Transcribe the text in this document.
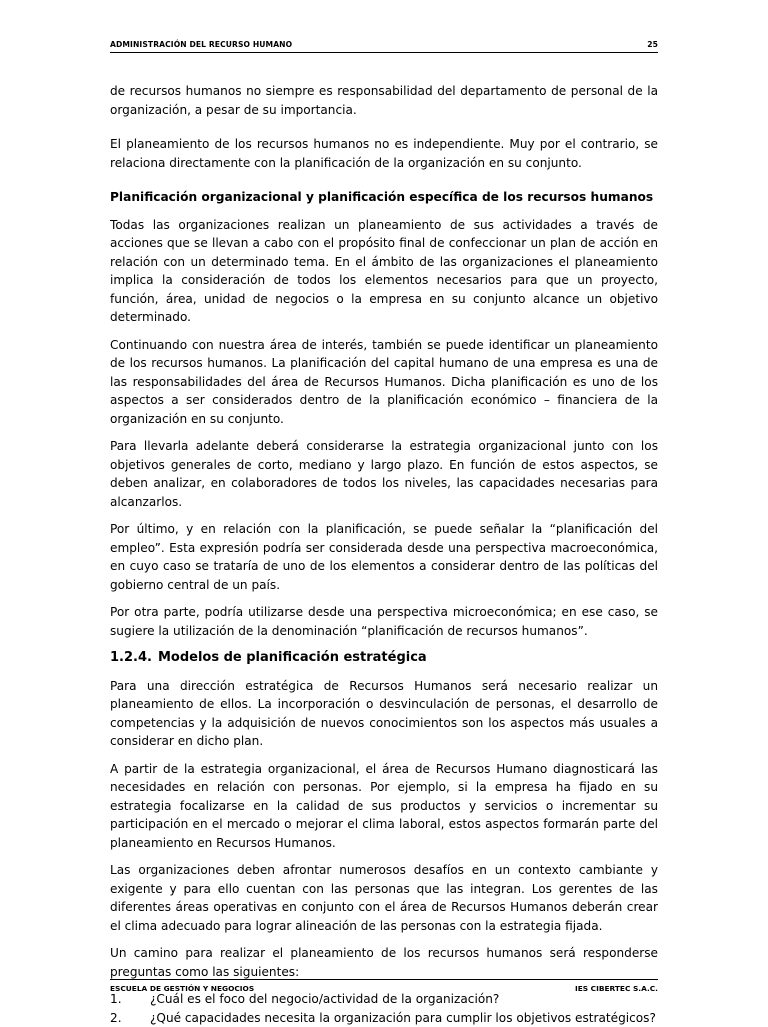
ADMINISTRACIÓN DEL RECURSO HUMANO	25

de recursos humanos no siempre es responsabilidad del departamento de personal de la organización, a pesar de su importancia.

El planeamiento de los recursos humanos no es independiente. Muy por el contrario, se relaciona directamente con la planificación de la organización en su conjunto.

Planificación organizacional y planificación específica de los recursos humanos

Todas las organizaciones realizan un planeamiento de sus actividades a través de acciones que se llevan a cabo con el propósito final de confeccionar un plan de acción en relación con un determinado tema. En el ámbito de las organizaciones el planeamiento implica la consideración de todos los elementos necesarios para que un proyecto, función, área, unidad de negocios o la empresa en su conjunto alcance un objetivo determinado.

Continuando con nuestra área de interés, también se puede identificar un planeamiento de los recursos humanos. La planificación del capital humano de una empresa es una de las responsabilidades del área de Recursos Humanos. Dicha planificación es uno de los aspectos a ser considerados dentro de la planificación económico – financiera de la organización en su conjunto.

Para llevarla adelante deberá considerarse la estrategia organizacional junto con los objetivos generales de corto, mediano y largo plazo. En función de estos aspectos, se deben analizar, en colaboradores de todos los niveles, las capacidades necesarias para alcanzarlos.

Por último, y en relación con la planificación, se puede señalar la “planificación del empleo”. Esta expresión podría ser considerada desde una perspectiva macroeconómica, en cuyo caso se trataría de uno de los elementos a considerar dentro de las políticas del gobierno central de un país.

Por otra parte, podría utilizarse desde una perspectiva microeconómica; en ese caso, se sugiere la utilización de la denominación “planificación de recursos humanos”.

1.2.4. Modelos de planificación estratégica

Para una dirección estratégica de Recursos Humanos será necesario realizar un planeamiento de ellos. La incorporación o desvinculación de personas, el desarrollo de competencias y la adquisición de nuevos conocimientos son los aspectos más usuales a considerar en dicho plan.

A partir de la estrategia organizacional, el área de Recursos Humano diagnosticará las necesidades en relación con personas. Por ejemplo, si la empresa ha fijado en su estrategia focalizarse en la calidad de sus productos y servicios o incrementar su participación en el mercado o mejorar el clima laboral, estos aspectos formarán parte del planeamiento en Recursos Humanos.

Las organizaciones deben afrontar numerosos desafíos en un contexto cambiante y exigente y para ello cuentan con las personas que las integran. Los gerentes de las diferentes áreas operativas en conjunto con el área de Recursos Humanos deberán crear el clima adecuado para lograr alineación de las personas con la estrategia fijada.

Un camino para realizar el planeamiento de los recursos humanos será responderse preguntas como las siguientes:

1.	¿Cuál es el foco del negocio/actividad de la organización?
2.	¿Qué capacidades necesita la organización para cumplir los objetivos estratégicos?
ESCUELA DE GESTIÓN Y NEGOCIOS	IES CIBERTEC S.A.C.
